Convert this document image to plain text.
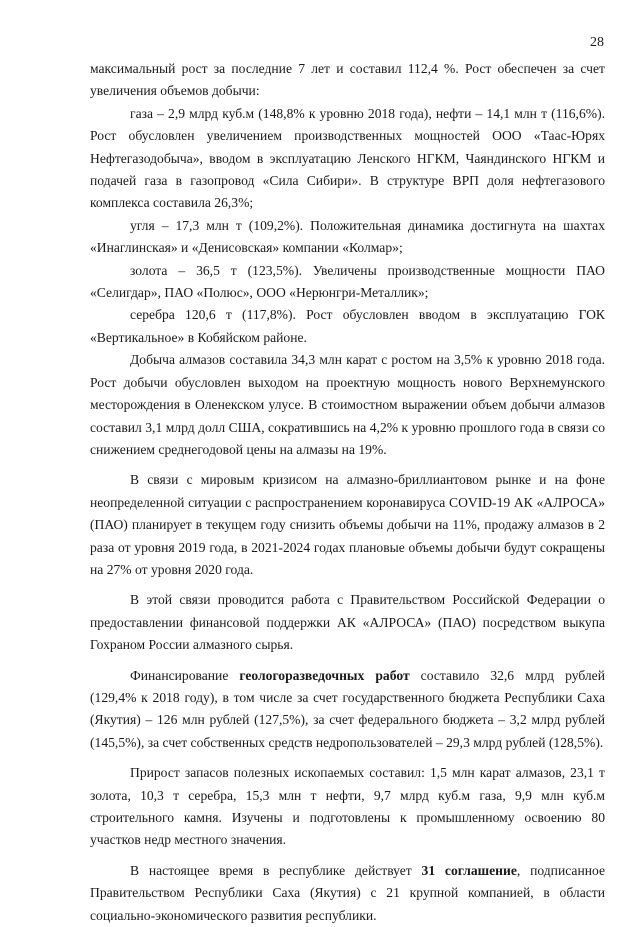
28

максимальный рост за последние 7 лет и составил 112,4 %. Рост обеспечен за счет увеличения объемов добычи:

газа – 2,9 млрд куб.м (148,8% к уровню 2018 года), нефти – 14,1 млн т (116,6%). Рост обусловлен увеличением производственных мощностей ООО «Таас-Юрях Нефтегазодобыча», вводом в эксплуатацию Ленского НГКМ, Чаяндинского НГКМ и подачей газа в газопровод «Сила Сибири». В структуре ВРП доля нефтегазового комплекса составила 26,3%;

угля – 17,3 млн т (109,2%). Положительная динамика достигнута на шахтах «Инаглинская» и «Денисовская» компании «Колмар»;

золота – 36,5 т (123,5%). Увеличены производственные мощности ПАО «Селигдар», ПАО «Полюс», ООО «Нерюнгри-Металлик»;

серебра 120,6 т (117,8%). Рост обусловлен вводом в эксплуатацию ГОК «Вертикальное» в Кобяйском районе.

Добыча алмазов составила 34,3 млн карат с ростом на 3,5% к уровню 2018 года. Рост добычи обусловлен выходом на проектную мощность нового Верхнемунского месторождения в Оленекском улусе. В стоимостном выражении объем добычи алмазов составил 3,1 млрд долл США, сократившись на 4,2% к уровню прошлого года в связи со снижением среднегодовой цены на алмазы на 19%.

В связи с мировым кризисом на алмазно-бриллиантовом рынке и на фоне неопределенной ситуации с распространением коронавируса COVID-19 АК «АЛРОСА» (ПАО) планирует в текущем году снизить объемы добычи на 11%, продажу алмазов в 2 раза от уровня 2019 года, в 2021-2024 годах плановые объемы добычи будут сокращены на 27% от уровня 2020 года.

В этой связи проводится работа с Правительством Российской Федерации о предоставлении финансовой поддержки АК «АЛРОСА» (ПАО) посредством выкупа Гохраном России алмазного сырья.

Финансирование геологоразведочных работ составило 32,6 млрд рублей (129,4% к 2018 году), в том числе за счет государственного бюджета Республики Саха (Якутия) – 126 млн рублей (127,5%), за счет федерального бюджета – 3,2 млрд рублей (145,5%), за счет собственных средств недропользователей – 29,3 млрд рублей (128,5%).

Прирост запасов полезных ископаемых составил: 1,5 млн карат алмазов, 23,1 т золота, 10,3 т серебра, 15,3 млн т нефти, 9,7 млрд куб.м газа, 9,9 млн куб.м строительного камня. Изучены и подготовлены к промышленному освоению 80 участков недр местного значения.

В настоящее время в республике действует 31 соглашение, подписанное Правительством Республики Саха (Якутия) с 21 крупной компанией, в области социально-экономического развития республики.
